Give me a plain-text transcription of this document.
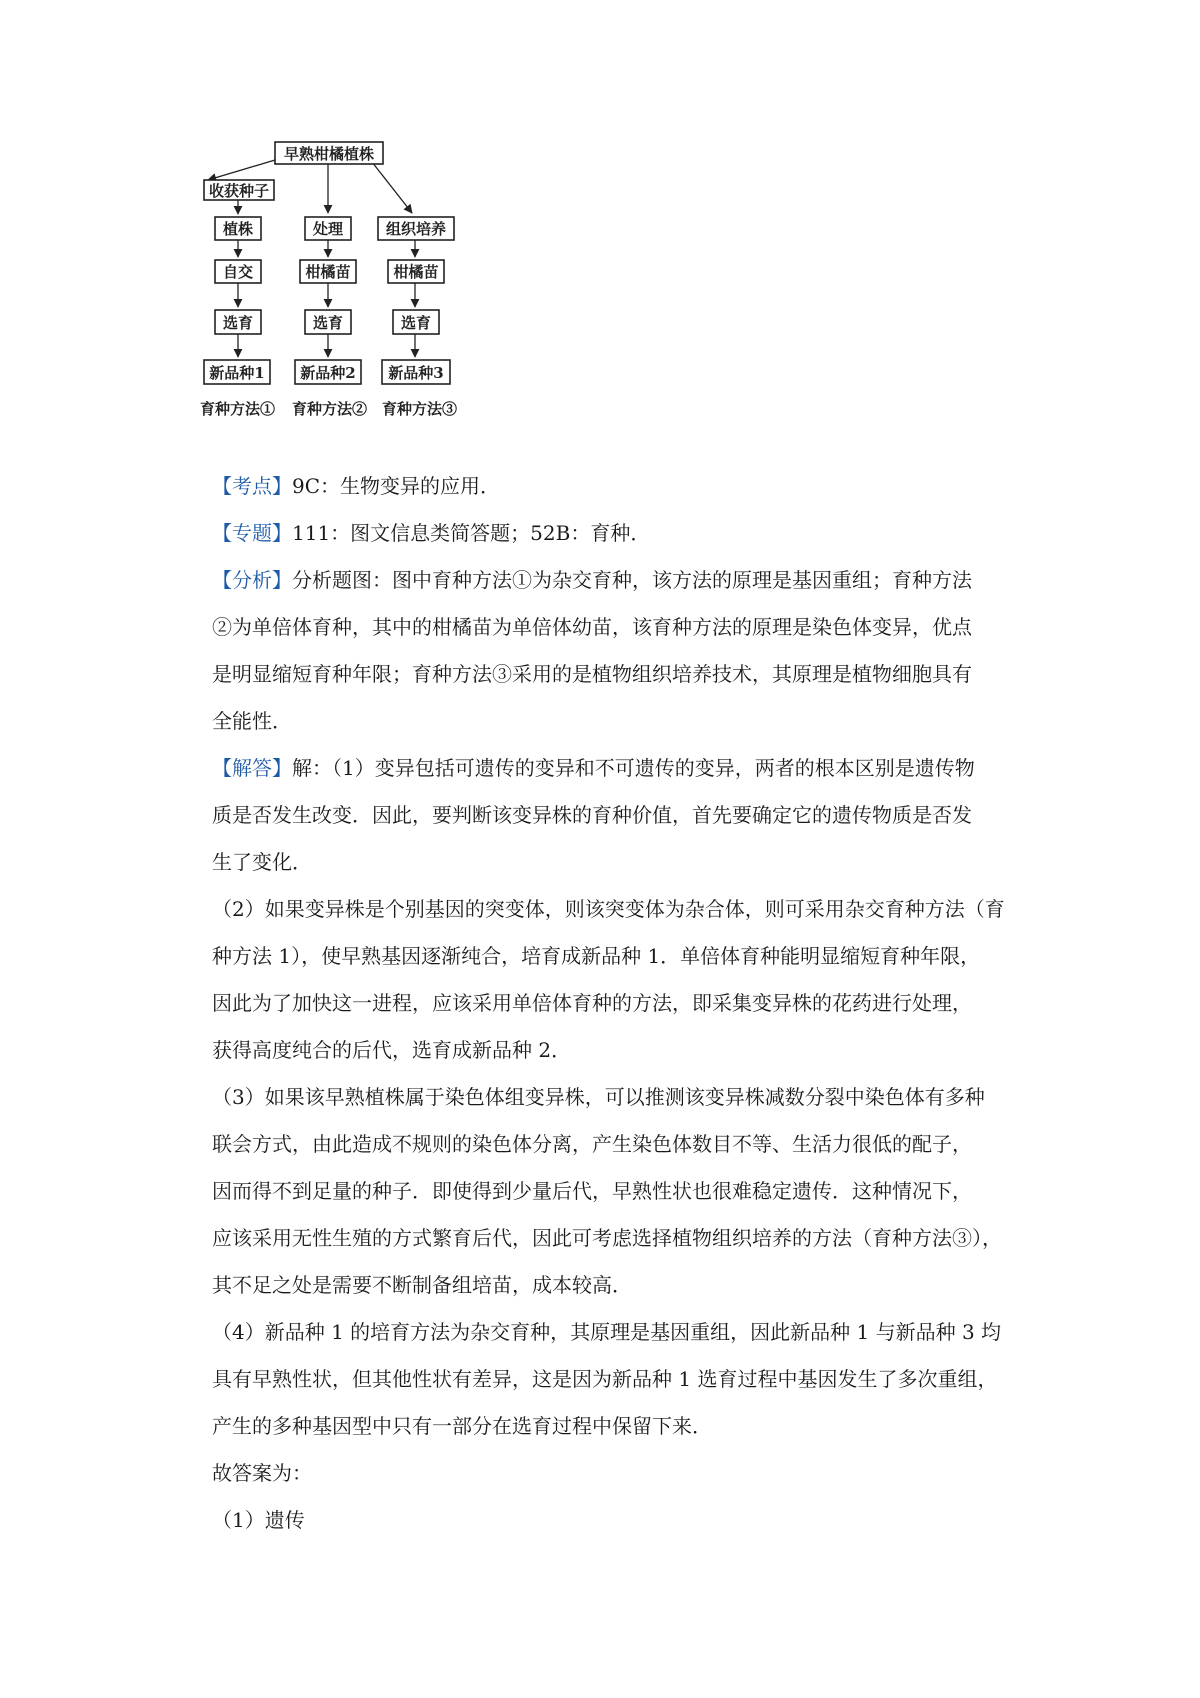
早熟柑橘植株
收获种子
植株
自交
选育
新品种1
处理
柑橘苗
选育
新品种2
组织培养
柑橘苗
选育
新品种3
育种方法① 育种方法② 育种方法③

【考点】9C：生物变异的应用．

【专题】111：图文信息类简答题；52B：育种．

【分析】分析题图：图中育种方法①为杂交育种，该方法的原理是基因重组；育种方法

②为单倍体育种，其中的柑橘苗为单倍体幼苗，该育种方法的原理是染色体变异，优点

是明显缩短育种年限；育种方法③采用的是植物组织培养技术，其原理是植物细胞具有

全能性．

【解答】解：（1）变异包括可遗传的变异和不可遗传的变异，两者的根本区别是遗传物

质是否发生改变．因此，要判断该变异株的育种价值，首先要确定它的遗传物质是否发

生了变化．

（2）如果变异株是个别基因的突变体，则该突变体为杂合体，则可采用杂交育种方法（育

种方法 1），使早熟基因逐渐纯合，培育成新品种 1．单倍体育种能明显缩短育种年限，

因此为了加快这一进程，应该采用单倍体育种的方法，即采集变异株的花药进行处理，

获得高度纯合的后代，选育成新品种 2．

（3）如果该早熟植株属于染色体组变异株，可以推测该变异株减数分裂中染色体有多种

联会方式，由此造成不规则的染色体分离，产生染色体数目不等、生活力很低的配子，

因而得不到足量的种子．即使得到少量后代，早熟性状也很难稳定遗传．这种情况下，

应该采用无性生殖的方式繁育后代，因此可考虑选择植物组织培养的方法（育种方法③），

其不足之处是需要不断制备组培苗，成本较高．

（4）新品种 1 的培育方法为杂交育种，其原理是基因重组，因此新品种 1 与新品种 3 均

具有早熟性状，但其他性状有差异，这是因为新品种 1 选育过程中基因发生了多次重组，

产生的多种基因型中只有一部分在选育过程中保留下来．

故答案为：

（1）遗传
